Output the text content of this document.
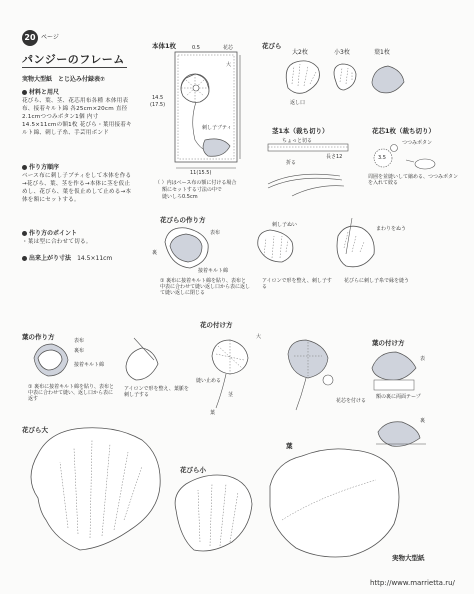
20 ページ
パンジーのフレーム
実物大型紙　とじ込み付録表⑦
材料と用尺
花びら、葉、茎、花芯用布各種 本体用表布、接着キルト綿 各25cm×20cm 直径2.1cmつつみボタン1個 内寸14.5×11cmの額1枚 花びら・葉用接着キルト綿、刺し子糸、手芸用ボンド
作り方順序
ベース布に刺し子ブティをして本体を作る→花びら、葉、茎を作る→本体に茎を仮止めし、花びら、葉を仮止めして止める→本体を額にセットする。
作り方のポイント
・葉は型に合わせて切る。
出来上がり寸法 14.5×11cm
本体1枚	0.5	花芯
大
14.5
(17.5)
刺し子ブティ
11(15.5)
（ ）内はベース布の額に付ける場合
額にセットする寸法の中で
縫いしろ0.5cm
花びら
大2枚	小3枚	葉1枚
返し口
茎1本（裁ち切り）
ちょっと切る
長さ12
折る
花芯1枚（裁ち切り）
3.5
つつみボタン
周囲を並縫いして縮める、つつみボタンを入れて絞る
花びらの作り方
表布
接着キルト綿
裏
刺し子ぬい
まわりをぬう
① 裏布に接着キルト綿を貼り、表布と中表に合わせて縫い返し口から表に返して縫い返しに閉じる
アイロンで形を整え、刺し子する
花びらに刺し子糸で縁を縫う
葉の作り方	表布
裏布
接着キルト綿
① 裏布に接着キルト綿を貼り、表布と中表に合わせて縫い、返し口から表に返す
アイロンで形を整え、葉脈を刺し子する
花の付け方
大
茎
葉
縫い止める
花芯を付ける
葉の付け方
表
裏
額の裏に両面テープ
花びら大
花びら小
葉
実物大型紙
http://www.marrietta.ru/
